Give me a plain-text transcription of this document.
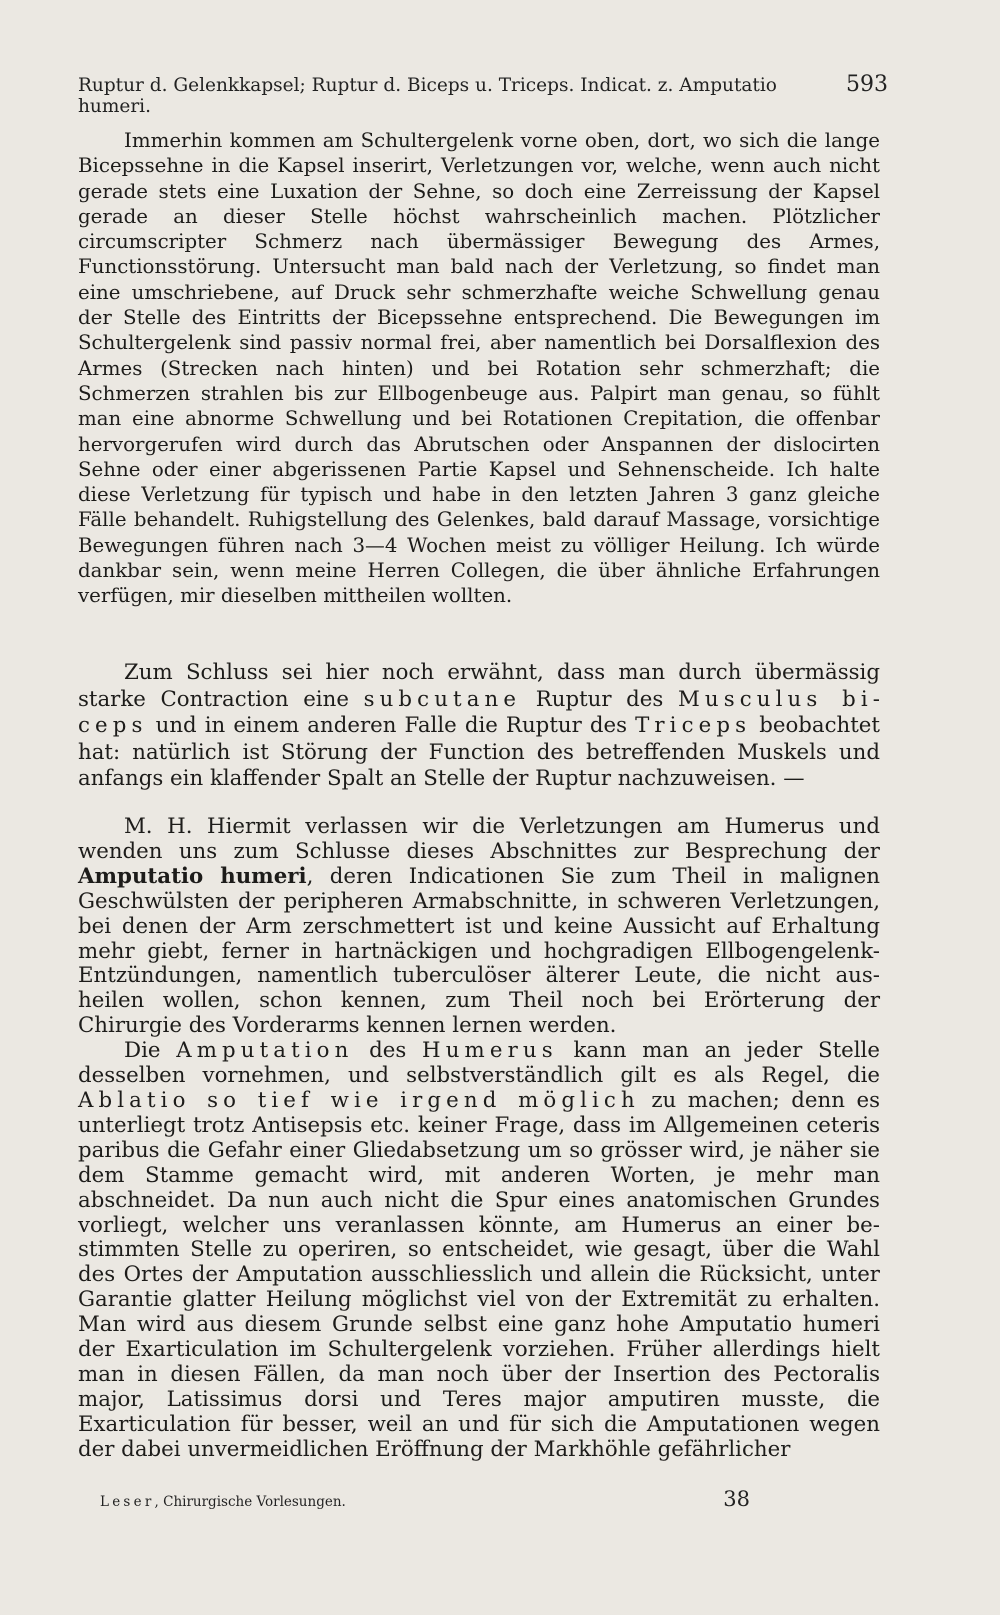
Ruptur d. Gelenkkapsel; Ruptur d. Biceps u. Triceps. Indicat. z. Amputatio humeri.
593

Immerhin kommen am Schultergelenk vorne oben, dort, wo sich die lange Bicepssehne in die Kapsel inserirt, Verletzungen vor, welche, wenn auch nicht gerade stets eine Luxation der Sehne, so doch eine Zerreissung der Kapsel gerade an dieser Stelle höchst wahrscheinlich machen. Plötzlicher circumscripter Schmerz nach übermässiger Bewegung des Armes, Functionsstörung. Untersucht man bald nach der Verletzung, so findet man eine umschriebene, auf Druck sehr schmerzhafte weiche Schwellung genau der Stelle des Eintritts der Bicepssehne entsprechend. Die Bewegungen im Schultergelenk sind passiv normal frei, aber namentlich bei Dorsalflexion des Armes (Strecken nach hinten) und bei Rotation sehr schmerzhaft; die Schmerzen strahlen bis zur Ellbogenbeuge aus. Palpirt man genau, so fühlt man eine abnorme Schwellung und bei Rotationen Crepitation, die offenbar hervorgerufen wird durch das Abrutschen oder Anspannen der dislocirten Sehne oder einer abgerissenen Partie Kapsel und Sehnenscheide. Ich halte diese Verletzung für typisch und habe in den letzten Jahren 3 ganz gleiche Fälle behandelt. Ruhigstellung des Gelenkes, bald darauf Massage, vorsichtige Bewegungen führen nach 3—4 Wochen meist zu völliger Heilung. Ich würde dankbar sein, wenn meine Herren Collegen, die über ähnliche Erfahrungen verfügen, mir dieselben mittheilen wollten.

Zum Schluss sei hier noch erwähnt, dass man durch übermässig starke Contraction eine subcutane Ruptur des Musculus biceps und in einem anderen Falle die Ruptur des Triceps beobachtet hat: natürlich ist Störung der Function des betreffenden Muskels und anfangs ein klaffender Spalt an Stelle der Ruptur nachzuweisen. —

M. H. Hiermit verlassen wir die Verletzungen am Humerus und wenden uns zum Schlusse dieses Abschnittes zur Besprechung der Amputatio humeri, deren Indicationen Sie zum Theil in malignen Geschwülsten der peripheren Armabschnitte, in schweren Verletzungen, bei denen der Arm zerschmettert ist und keine Aussicht auf Erhaltung mehr giebt, ferner in hartnäckigen und hochgradigen Ellbogengelenk-Entzündungen, namentlich tuberculöser älterer Leute, die nicht ausheilen wollen, schon kennen, zum Theil noch bei Erörterung der Chirurgie des Vorderarms kennen lernen werden.

Die Amputation des Humerus kann man an jeder Stelle desselben vornehmen, und selbstverständlich gilt es als Regel, die Ablatio so tief wie irgend möglich zu machen; denn es unterliegt trotz Antisepsis etc. keiner Frage, dass im Allgemeinen ceteris paribus die Gefahr einer Gliedabsetzung um so grösser wird, je näher sie dem Stamme gemacht wird, mit anderen Worten, je mehr man abschneidet. Da nun auch nicht die Spur eines anatomischen Grundes vorliegt, welcher uns veranlassen könnte, am Humerus an einer bestimmten Stelle zu operiren, so entscheidet, wie gesagt, über die Wahl des Ortes der Amputation ausschliesslich und allein die Rücksicht, unter Garantie glatter Heilung möglichst viel von der Extremität zu erhalten. Man wird aus diesem Grunde selbst eine ganz hohe Amputatio humeri der Exarticulation im Schultergelenk vorziehen. Früher allerdings hielt man in diesen Fällen, da man noch über der Insertion des Pectoralis major, Latissimus dorsi und Teres major amputiren musste, die Exarticulation für besser, weil an und für sich die Amputationen wegen der dabei unvermeidlichen Eröffnung der Markhöhle gefährlicher

Leser, Chirurgische Vorlesungen.	38
